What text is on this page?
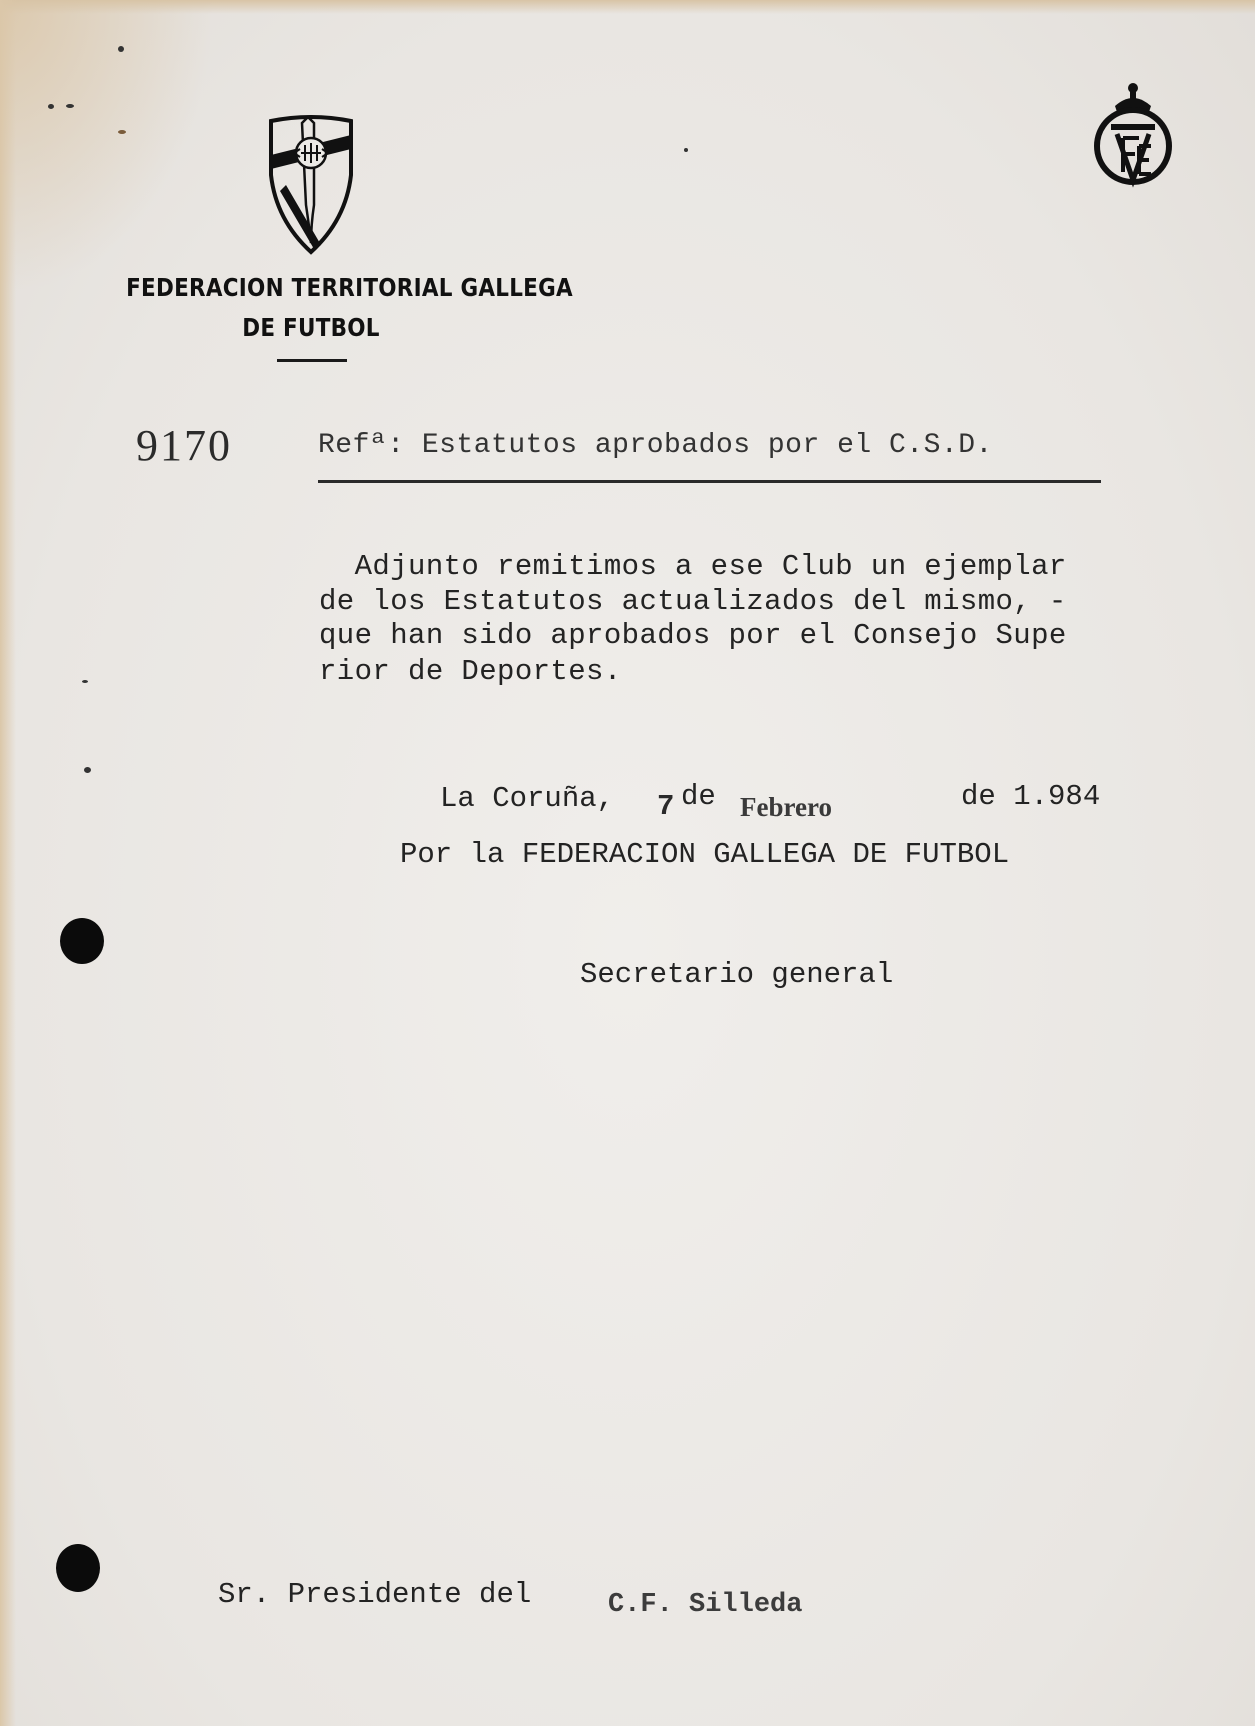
FEDERACION TERRITORIAL GALLEGA
DE FUTBOL
9170	Refª: Estatutos aprobados por el C.S.D.
Adjunto remitimos a ese Club un ejemplar
de los Estatutos actualizados del mismo, -
que han sido aprobados por el Consejo Supe
rior de Deportes.
La Coruña, 7 de Febrero	de 1.984
Por la FEDERACION GALLEGA DE FUTBOL
Secretario general
Sr. Presidente del	C.F. Silleda
